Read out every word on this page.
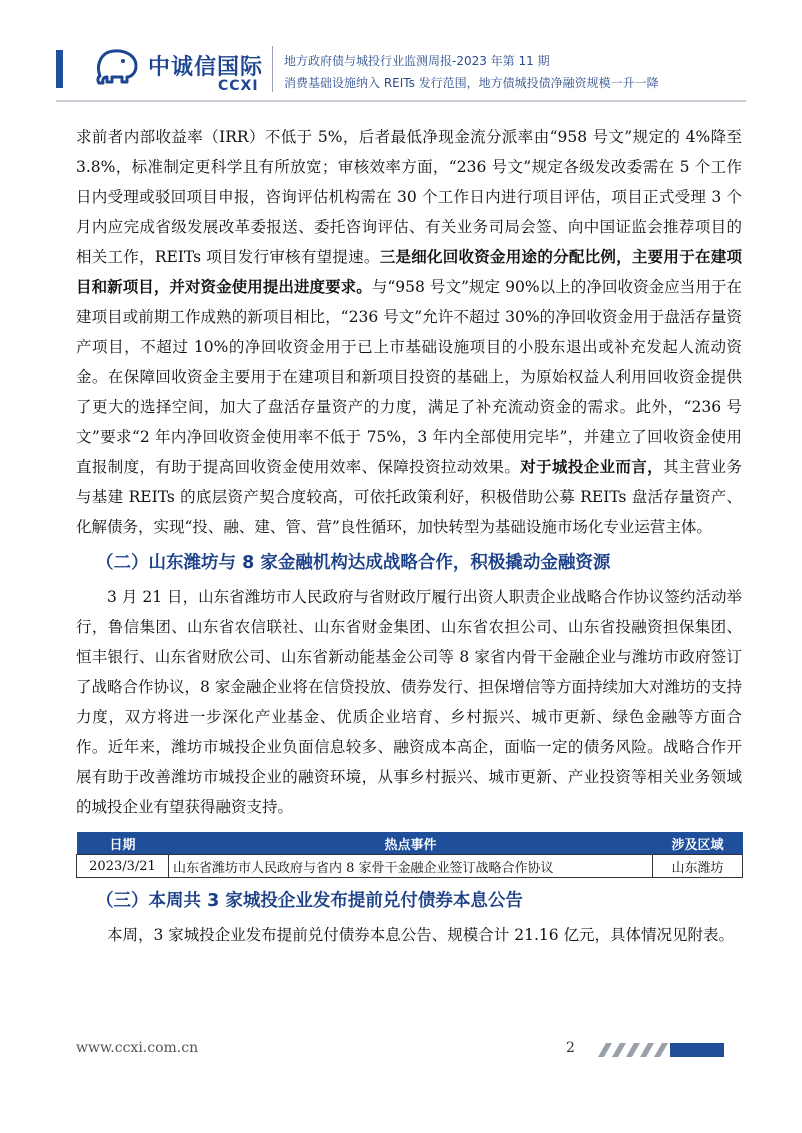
中诚信国际
CCXI
地方政府债与城投行业监测周报-2023 年第 11 期
消费基础设施纳入 REITs 发行范围，地方债城投债净融资规模一升一降

求前者内部收益率（IRR）不低于 5%，后者最低净现金流分派率由“958 号文”规定的 4%降至 3.8%，标准制定更科学且有所放宽；审核效率方面，“236 号文”规定各级发改委需在 5 个工作日内受理或驳回项目申报，咨询评估机构需在 30 个工作日内进行项目评估，项目正式受理 3 个月内应完成省级发展改革委报送、委托咨询评估、有关业务司局会签、向中国证监会推荐项目的相关工作，REITs 项目发行审核有望提速。三是细化回收资金用途的分配比例，主要用于在建项目和新项目，并对资金使用提出进度要求。与“958 号文”规定 90%以上的净回收资金应当用于在建项目或前期工作成熟的新项目相比，“236 号文”允许不超过 30%的净回收资金用于盘活存量资产项目，不超过 10%的净回收资金用于已上市基础设施项目的小股东退出或补充发起人流动资金。在保障回收资金主要用于在建项目和新项目投资的基础上，为原始权益人利用回收资金提供了更大的选择空间，加大了盘活存量资产的力度，满足了补充流动资金的需求。此外，“236 号文”要求“2 年内净回收资金使用率不低于 75%，3 年内全部使用完毕”，并建立了回收资金使用直报制度，有助于提高回收资金使用效率、保障投资拉动效果。对于城投企业而言，其主营业务与基建 REITs 的底层资产契合度较高，可依托政策利好，积极借助公募 REITs 盘活存量资产、化解债务，实现“投、融、建、管、营”良性循环，加快转型为基础设施市场化专业运营主体。

（二）山东潍坊与 8 家金融机构达成战略合作，积极撬动金融资源

3 月 21 日，山东省潍坊市人民政府与省财政厅履行出资人职责企业战略合作协议签约活动举行，鲁信集团、山东省农信联社、山东省财金集团、山东省农担公司、山东省投融资担保集团、恒丰银行、山东省财欣公司、山东省新动能基金公司等 8 家省内骨干金融企业与潍坊市政府签订了战略合作协议，8 家金融企业将在信贷投放、债券发行、担保增信等方面持续加大对潍坊的支持力度，双方将进一步深化产业基金、优质企业培育、乡村振兴、城市更新、绿色金融等方面合作。近年来，潍坊市城投企业负面信息较多、融资成本高企，面临一定的债务风险。战略合作开展有助于改善潍坊市城投企业的融资环境，从事乡村振兴、城市更新、产业投资等相关业务领域的城投企业有望获得融资支持。

日期	热点事件	涉及区域
2023/3/21	山东省潍坊市人民政府与省内 8 家骨干金融企业签订战略合作协议	山东潍坊
（三）本周共 3 家城投企业发布提前兑付债券本息公告

本周，3 家城投企业发布提前兑付债券本息公告、规模合计 21.16 亿元，具体情况见附表。

www.ccxi.com.cn	2
